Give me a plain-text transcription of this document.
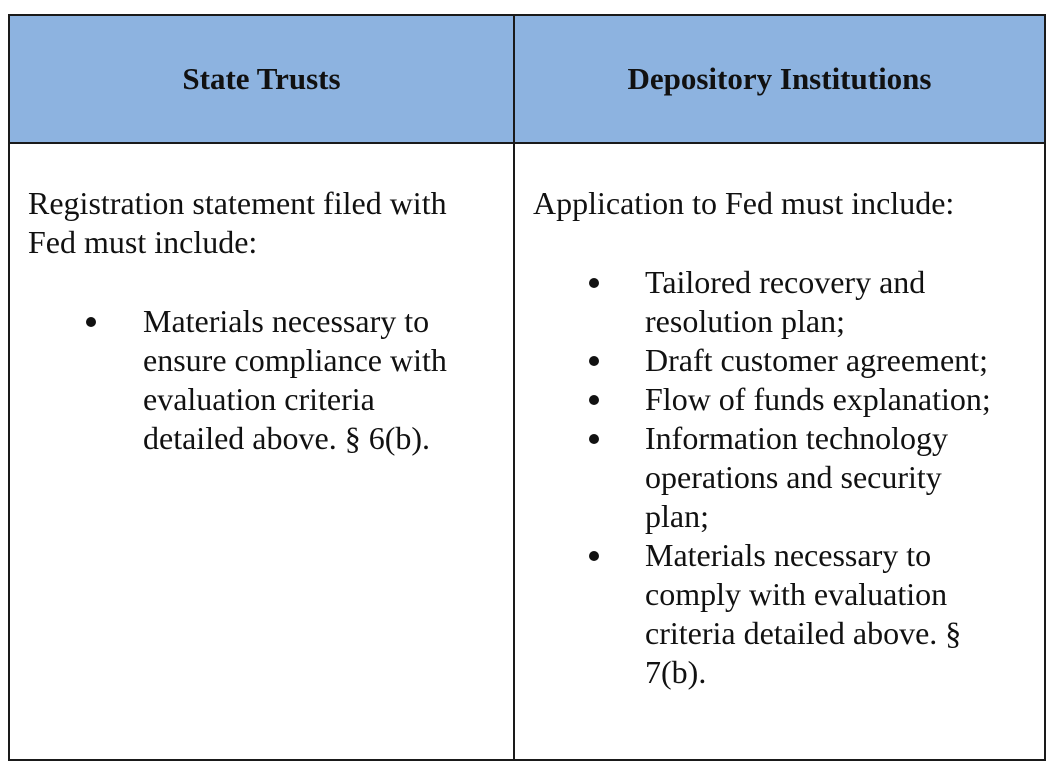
State Trusts	Depository Institutions

Registration statement filed with Fed must include:

Materials necessary to ensure compliance with evaluation criteria detailed above. § 6(b).

Application to Fed must include:

Tailored recovery and resolution plan;
Draft customer agreement;
Flow of funds explanation;
Information technology operations and security plan;
Materials necessary to comply with evaluation criteria detailed above. § 7(b).
